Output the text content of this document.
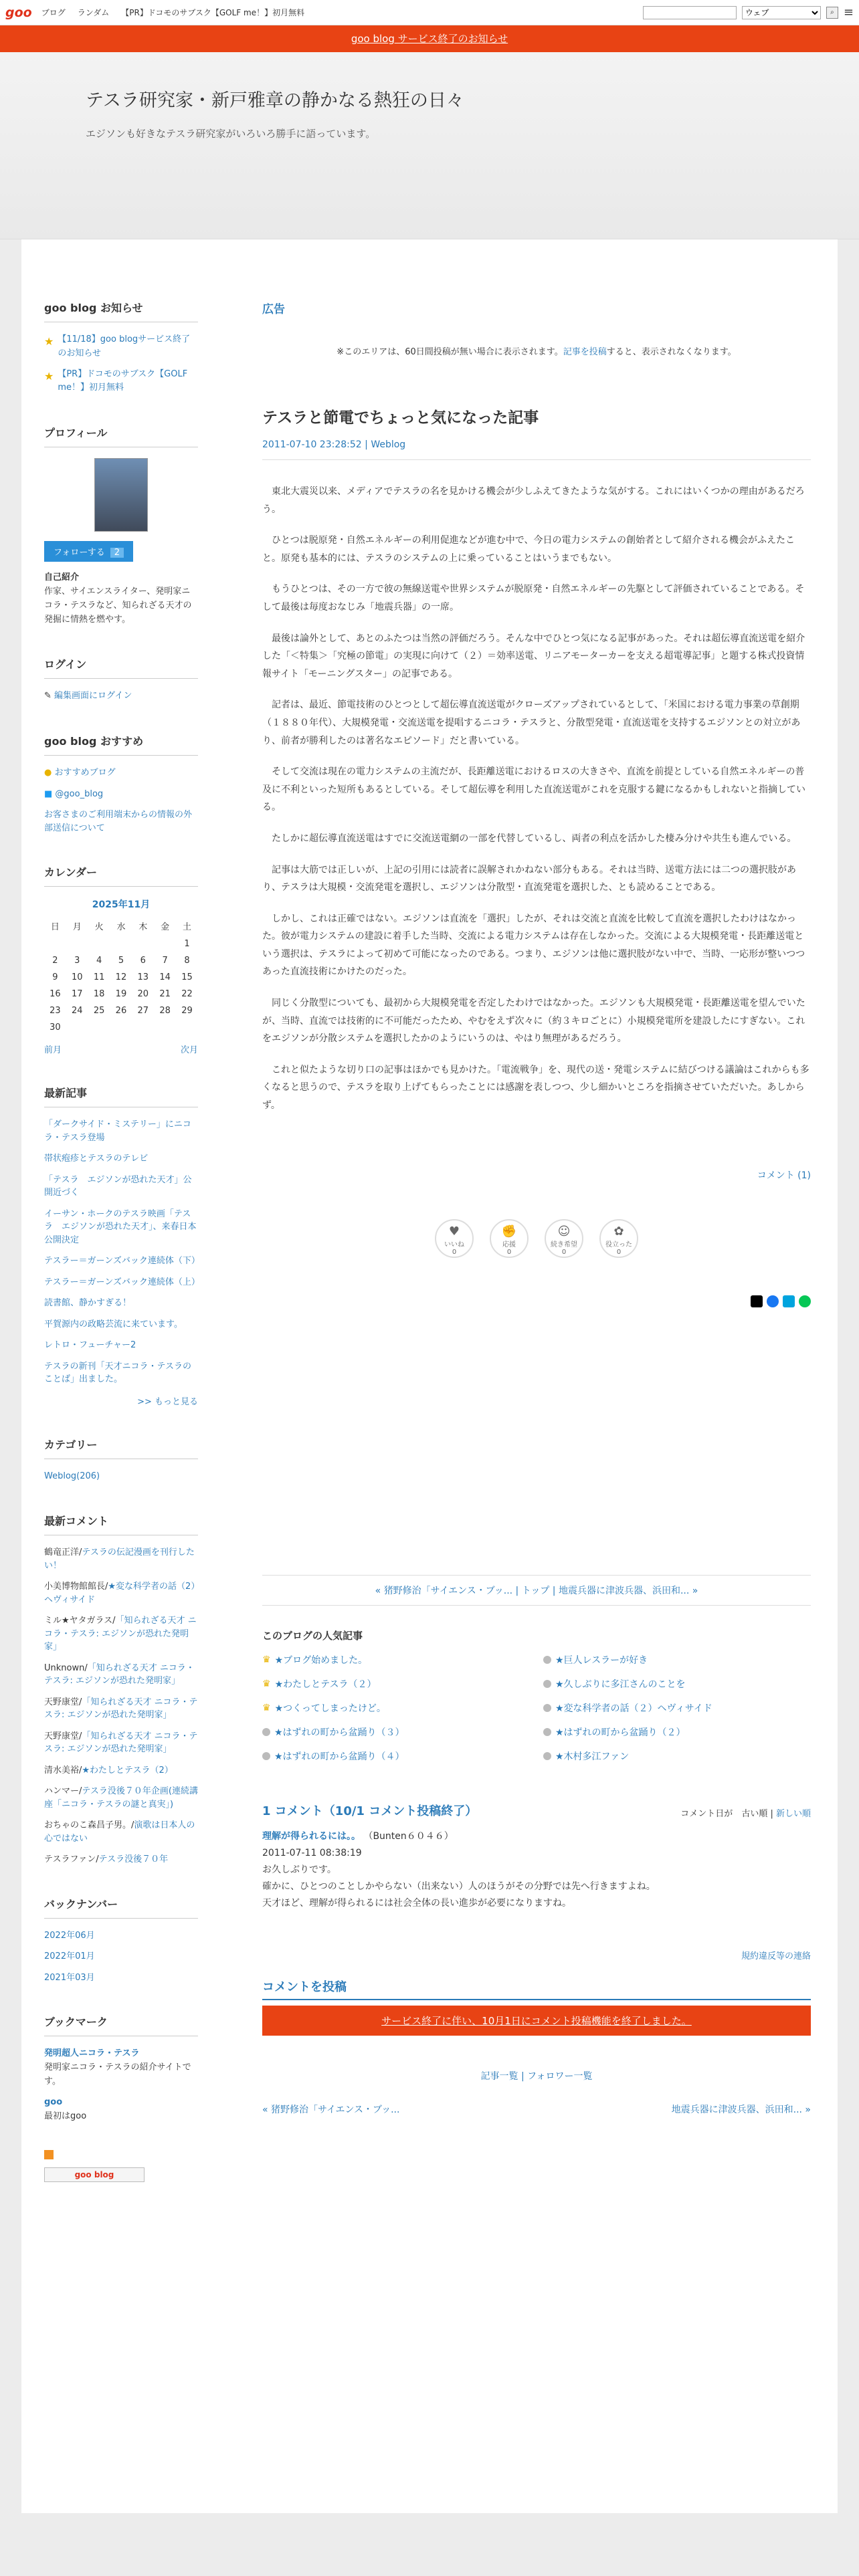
goo ブログ ランダム 【PR】ドコモのサブスク【GOLF me！】初月無料
ウェブ	⌕ ≡
goo blog サービス終了のお知らせ
テスラ研究家・新戸雅章の静かなる熱狂の日々

エジソンも好きなテスラ研究家がいろいろ勝手に語っています。

goo blog お知らせ
★ 【11/18】goo blogサービス終了のお知らせ
★ 【PR】ドコモのサブスク【GOLF me！】初月無料
プロフィール
フォローする 2
自己紹介
作家、サイエンスライター、発明家ニコラ・テスラなど、知られざる天才の発掘に情熱を燃やす。
ログイン
✎ 編集画面にログイン
goo blog おすすめ
● おすすめブログ
■ @goo_blog
お客さまのご利用端末からの情報の外部送信について
カレンダー
2025年11月
日	月	火	水	木	金	土
						1
2	3	4	5	6	7	8
9	10	11	12	13	14	15
16	17	18	19	20	21	22
23	24	25	26	27	28	29
30						
前月	次月
最新記事
「ダークサイド・ミステリー」にニコラ・テスラ登場
帯状疱疹とテスラのテレビ
「テスラ　エジソンが恐れた天才」公開近づく
イーサン・ホークのテスラ映画「テスラ　エジソンが恐れた天才」、来春日本公開決定
テスラー＝ガーンズバック連続体（下）
テスラー＝ガーンズバック連続体（上）
読書館、静かすぎる！
平賀源内の政略芸流に来ています。
レトロ・フューチャー2
テスラの新刊「天才ニコラ・テスラのことば」出ました。
>> もっと見る
カテゴリー
Weblog(206)
最新コメント
鶴竜正洋/テスラの伝記漫画を刊行したい！
小美博物館館長/★変な科学者の話（2）ヘヴィサイド
ミル★ヤタガラス/「知られざる天才 ニコラ・テスラ: エジソンが恐れた発明家」
Unknown/「知られざる天才 ニコラ・テスラ: エジソンが恐れた発明家」
天野康堂/「知られざる天才 ニコラ・テスラ: エジソンが恐れた発明家」
天野康堂/「知られざる天才 ニコラ・テスラ: エジソンが恐れた発明家」
清水美裕/★わたしとテスラ（2）
ハンマー/テスラ没後７０年企画(連続講座「ニコラ・テスラの謎と真実」)
おちゃのこ森昌子男。/演歌は日本人の心ではない
テスラファン/テスラ没後７０年
バックナンバー
2022年06月
2022年01月
2021年03月
ブックマーク
発明超人ニコラ・テスラ
発明家ニコラ・テスラの紹介サイトです。
goo
最初はgoo
goo blog
広告
※このエリアは、60日間投稿が無い場合に表示されます。記事を投稿すると、表示されなくなります。
テスラと節電でちょっと気になった記事
2011-07-10 23:28:52 | Weblog

　東北大震災以来、メディアでテスラの名を見かける機会が少しふえてきたような気がする。これにはいくつかの理由があるだろう。

　ひとつは脱原発・自然エネルギーの利用促進などが進む中で、今日の電力システムの創始者として紹介される機会がふえたこと。原発も基本的には、テスラのシステムの上に乗っていることはいうまでもない。

　もうひとつは、その一方で彼の無線送電や世界システムが脱原発・自然エネルギーの先駆として評価されていることである。そして最後は毎度おなじみ「地震兵器」の一席。

　最後は論外として、あとのふたつは当然の評価だろう。そんな中でひとつ気になる記事があった。それは超伝導直流送電を紹介した「＜特集＞「究極の節電」の実現に向けて（２）＝効率送電、リニアモーターカーを支える超電導記事」と題する株式投資情報サイト「モーニングスター」の記事である。

　記者は、最近、節電技術のひとつとして超伝導直流送電がクローズアップされているとして、「米国における電力事業の草創期（１８８０年代）、大規模発電・交流送電を提唱するニコラ・テスラと、分散型発電・直流送電を支持するエジソンとの対立があり、前者が勝利したのは著名なエピソード」だと書いている。

　そして交流は現在の電力システムの主流だが、長距離送電におけるロスの大きさや、直流を前提としている自然エネルギーの普及に不利といった短所もあるとしている。そして超伝導を利用した直流送電がこれを克服する鍵になるかもしれないと指摘している。

　たしかに超伝導直流送電はすでに交流送電網の一部を代替しているし、両者の利点を活かした棲み分けや共生も進んでいる。

　記事は大筋では正しいが、上記の引用には読者に誤解されかねない部分もある。それは当時、送電方法には二つの選択肢があり、テスラは大規模・交流発電を選択し、エジソンは分散型・直流発電を選択した、とも読めることである。

　しかし、これは正確ではない。エジソンは直流を「選択」したが、それは交流と直流を比較して直流を選択したわけはなかった。彼が電力システムの建設に着手した当時、交流による電力システムは存在しなかった。交流による大規模発電・長距離送電という選択は、テスラによって初めて可能になったのである。つまり、エジソンは他に選択肢がない中で、当時、一応形が整いつつあった直流技術にかけたのだった。

　同じく分散型についても、最初から大規模発電を否定したわけではなかった。エジソンも大規模発電・長距離送電を望んでいたが、当時、直流では技術的に不可能だったため、やむをえず次々に（約３キロごとに）小規模発電所を建設したにすぎない。これをエジソンが分散システムを選択したかのようにいうのは、やはり無理があるだろう。

　これと似たような切り口の記事はほかでも見かけた。「電流戦争」を、現代の送・発電システムに結びつける議論はこれからも多くなると思うので、テスラを取り上げてもらったことには感謝を表しつつ、少し細かいところを指摘させていただいた。あしからず。

コメント (1)
♥
いいね
0
✊
応援
0
☺
続き希望
0
✿
役立った
0
« 猪野修治「サイエンス・ブッ... | トップ | 地震兵器に津波兵器、浜田和... »
このブログの人気記事
♛ ★ブログ始めました。	★巨人レスラーが好き
♛ ★わたしとテスラ（２）	★久しぶりに多江さんのことを
♛ ★つくってしまったけど。	★変な科学者の話（２）ヘヴィサイド
★はずれの町から盆踊り（３）	★はずれの町から盆踊り（２）
★はずれの町から盆踊り（４）	★木村多江ファン
1 コメント（10/1 コメント投稿終了）	コメント日が　 古い順 | 新しい順
理解が得られるには。。 （Bunten６０４６）
2011-07-11 08:38:19
お久しぶりです。
確かに、ひとつのことしかやらない（出来ない）人のほうがその分野では先へ行きますよね。
天才ほど、理解が得られるには社会全体の長い進歩が必要になりますね。
規約違反等の連絡
コメントを投稿
サービス終了に伴い、10月1日にコメント投稿機能を終了しました。
記事一覧 | フォロワー一覧
« 猪野修治「サイエンス・ブッ...	地震兵器に津波兵器、浜田和... »
